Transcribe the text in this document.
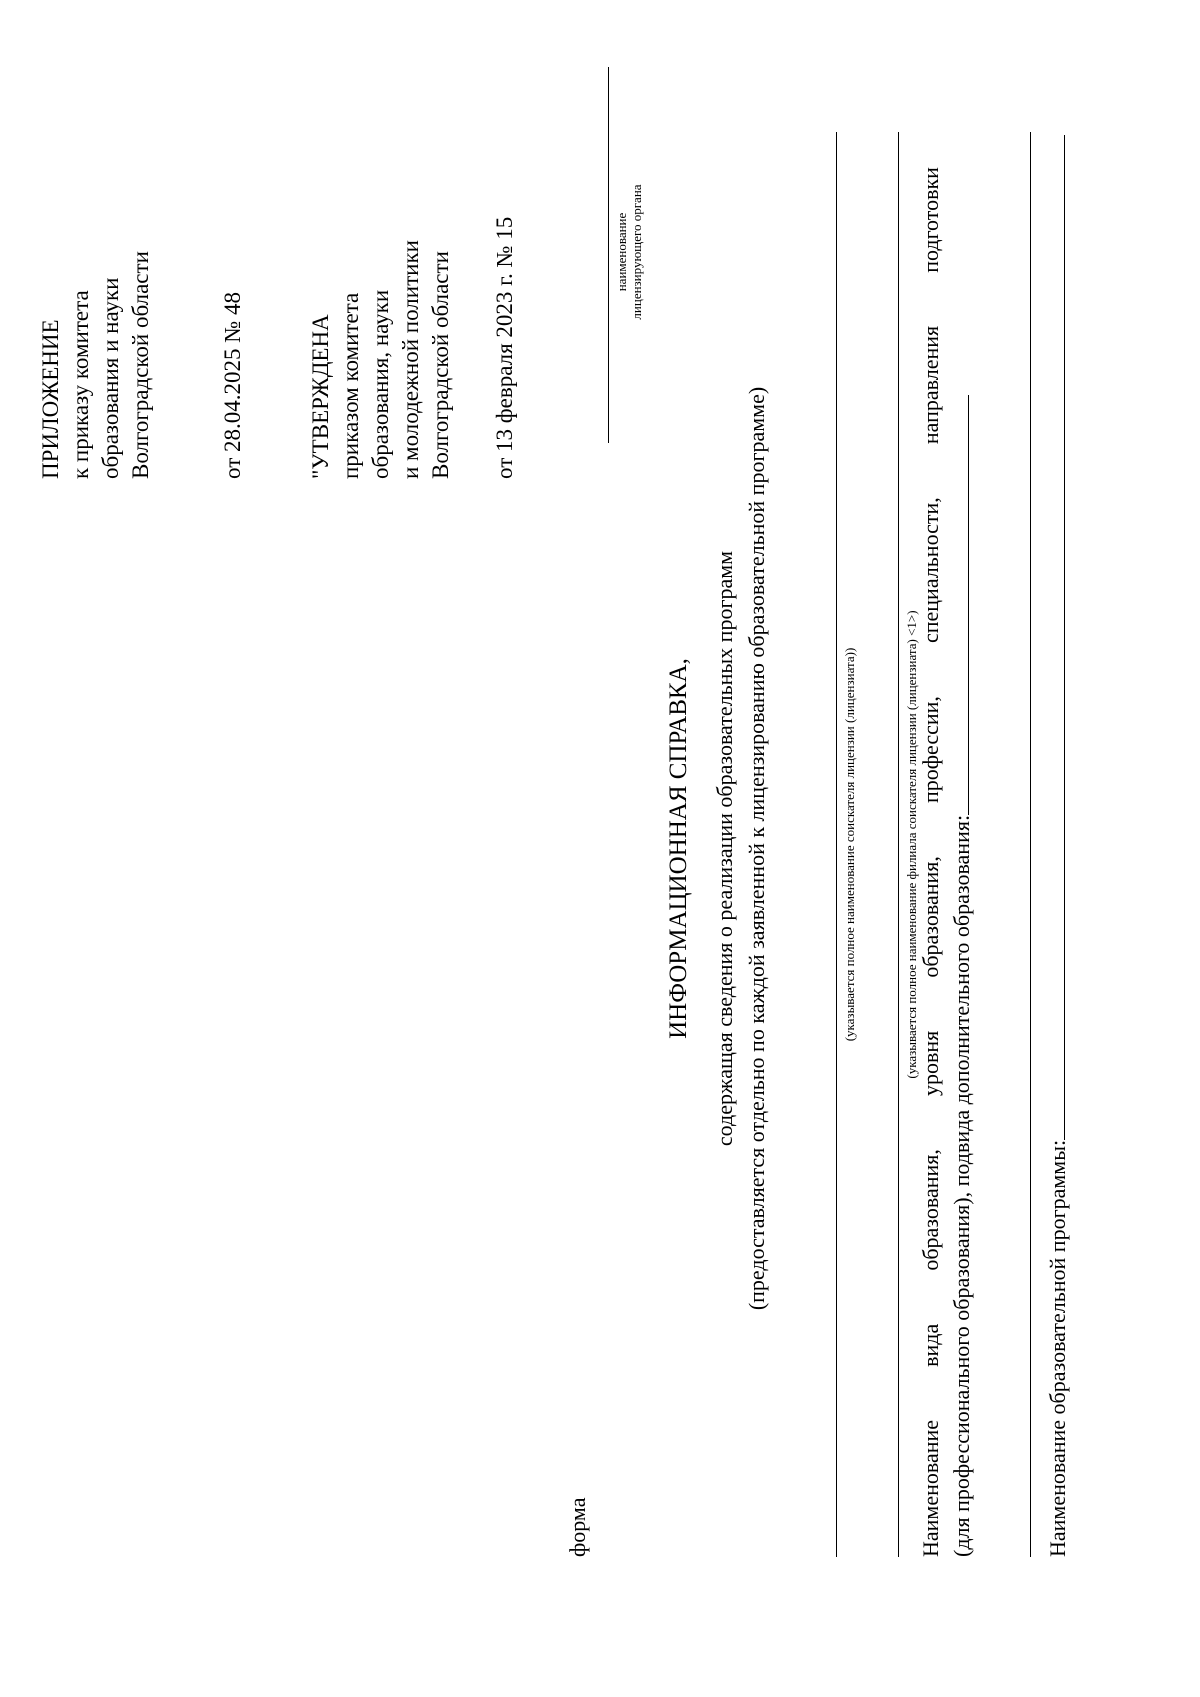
ПРИЛОЖЕНИЕ к приказу комитета образования и науки Волгоградской области	от 28.04.2025 № 48	"УТВЕРЖДЕНА приказом комитета образования, науки и молодежной политики Волгоградской области от 13 февраля 2023 г. № 15	наименование лицензирующего органа
форма
ИНФОРМАЦИОННАЯ СПРАВКА, содержащая сведения о реализации образовательных программ (предоставляется отдельно по каждой заявленной к лицензированию образовательной программе)	(указывается полное наименование соискателя лицензии (лицензиата))	(указывается полное наименование филиала соискателя лицензии (лицензиата) <1>)
Наименование
вида
образования,
уровня
образования,
профессии,
специальности,
направления
подготовки
(для профессионального образования), подвида дополнительного образования:	Наименование образовательной программы:
